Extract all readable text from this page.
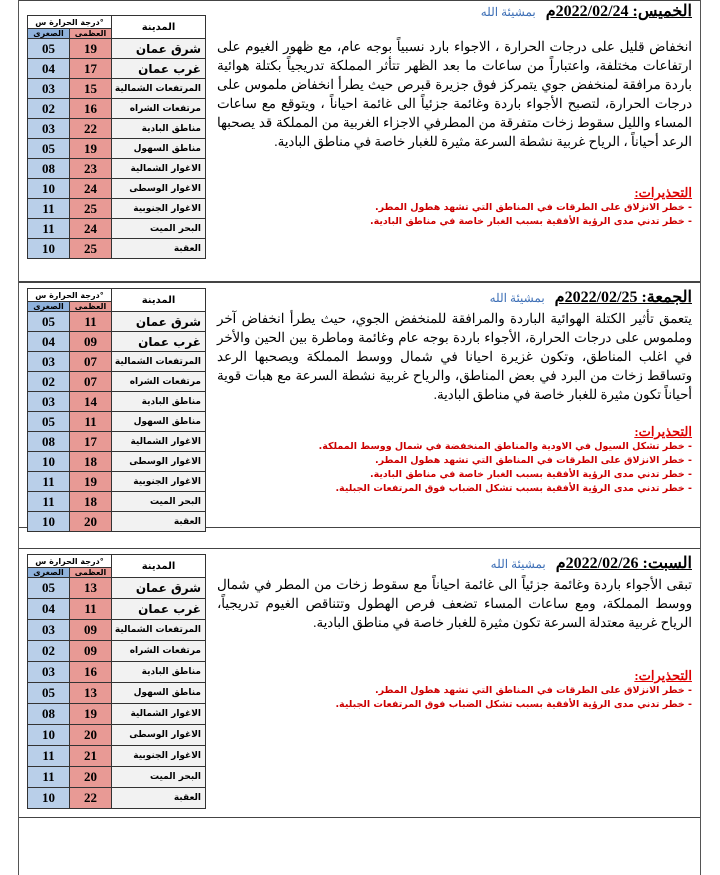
درجة الحرارة س°		المدينة
الصغرى	العظمى	
05	19	شرق عمان
04	17	غرب عمان
03	15	المرتفعات الشمالية
02	16	مرتفعات الشراه
03	22	مناطق البادية
05	19	مناطق السهول
08	23	الاغوار الشمالية
10	24	الاغوار الوسطى
11	25	الاغوار الجنوبية
11	24	البحر الميت
10	25	العقبة
الخميس: 2022/02/24م بمشيئة الله

انخفاض قليل على درجات الحرارة ، الاجواء بارد نسبياً بوجه عام، مع ظهور الغيوم على ارتفاعات مختلفة، واعتباراً من ساعات ما بعد الظهر تتأثر المملكة تدريجياً بكتلة هوائية باردة مرافقة لمنخفض جوي يتمركز فوق جزيرة قبرص حيث يطرأ انخفاض ملموس على درجات الحرارة، لتصبح الأجواء باردة وغائمة جزئياً الى غائمة احياناً ، ويتوقع مع ساعات المساء والليل سقوط زخات متفرقة من المطرفي الاجزاء الغربية من المملكة قد يصحبها الرعد أحياناً ، الرياح غربية نشطة السرعة مثيرة للغبار خاصة في مناطق البادية.

التحذيرات:

- خطر الانزلاق على الطرقات في المناطق التي تشهد هطول المطر.
- خطر تدني مدى الرؤية الأفقية بسبب الغبار خاصة في مناطق البادية.
درجة الحرارة س°		المدينة
الصغرى	العظمى	
05	11	شرق عمان
04	09	غرب عمان
03	07	المرتفعات الشمالية
02	07	مرتفعات الشراه
03	14	مناطق البادية
05	11	مناطق السهول
08	17	الاغوار الشمالية
10	18	الاغوار الوسطى
11	19	الاغوار الجنوبية
11	18	البحر الميت
10	20	العقبة
الجمعة: 2022/02/25م بمشيئة الله

يتعمق تأثير الكتلة الهوائية الباردة والمرافقة للمنخفض الجوي، حيث يطرأ انخفاض آخر وملموس على درجات الحرارة، الأجواء باردة بوجه عام وغائمة وماطرة بين الحين والأخر في اغلب المناطق، وتكون غزيرة احيانا في شمال ووسط المملكة ويصحبها الرعد وتساقط زخات من البرد في بعض المناطق، والرياح غربية نشطة السرعة مع هبات قوية أحياناً تكون مثيرة للغبار خاصة في مناطق البادية.

التحذيرات:

- خطر تشكل السيول في الاودية والمناطق المنخفضة في شمال ووسط المملكة.
- خطر الانزلاق على الطرقات في المناطق التي تشهد هطول المطر.
- خطر تدني مدى الرؤية الأفقية بسبب الغبار خاصة في مناطق البادية.
- خطر تدني مدى الرؤية الأفقية بسبب تشكل الضباب فوق المرتفعات الجبلية.
درجة الحرارة س°		المدينة
الصغرى	العظمى	
05	13	شرق عمان
04	11	غرب عمان
03	09	المرتفعات الشمالية
02	09	مرتفعات الشراه
03	16	مناطق البادية
05	13	مناطق السهول
08	19	الاغوار الشمالية
10	20	الاغوار الوسطى
11	21	الاغوار الجنوبية
11	20	البحر الميت
10	22	العقبة
السبت: 2022/02/26م بمشيئة الله

تبقى الأجواء باردة وغائمة جزئياً الى غائمة احياناً مع سقوط زخات من المطر في شمال ووسط المملكة، ومع ساعات المساء تضعف فرص الهطول وتتناقص الغيوم تدريجياً، الرياح غربية معتدلة السرعة تكون مثيرة للغبار خاصة في مناطق البادية.

التحذيرات:

- خطر الانزلاق على الطرقات في المناطق التي تشهد هطول المطر.
- خطر تدني مدى الرؤية الأفقية بسبب تشكل الضباب فوق المرتفعات الجبلية.
